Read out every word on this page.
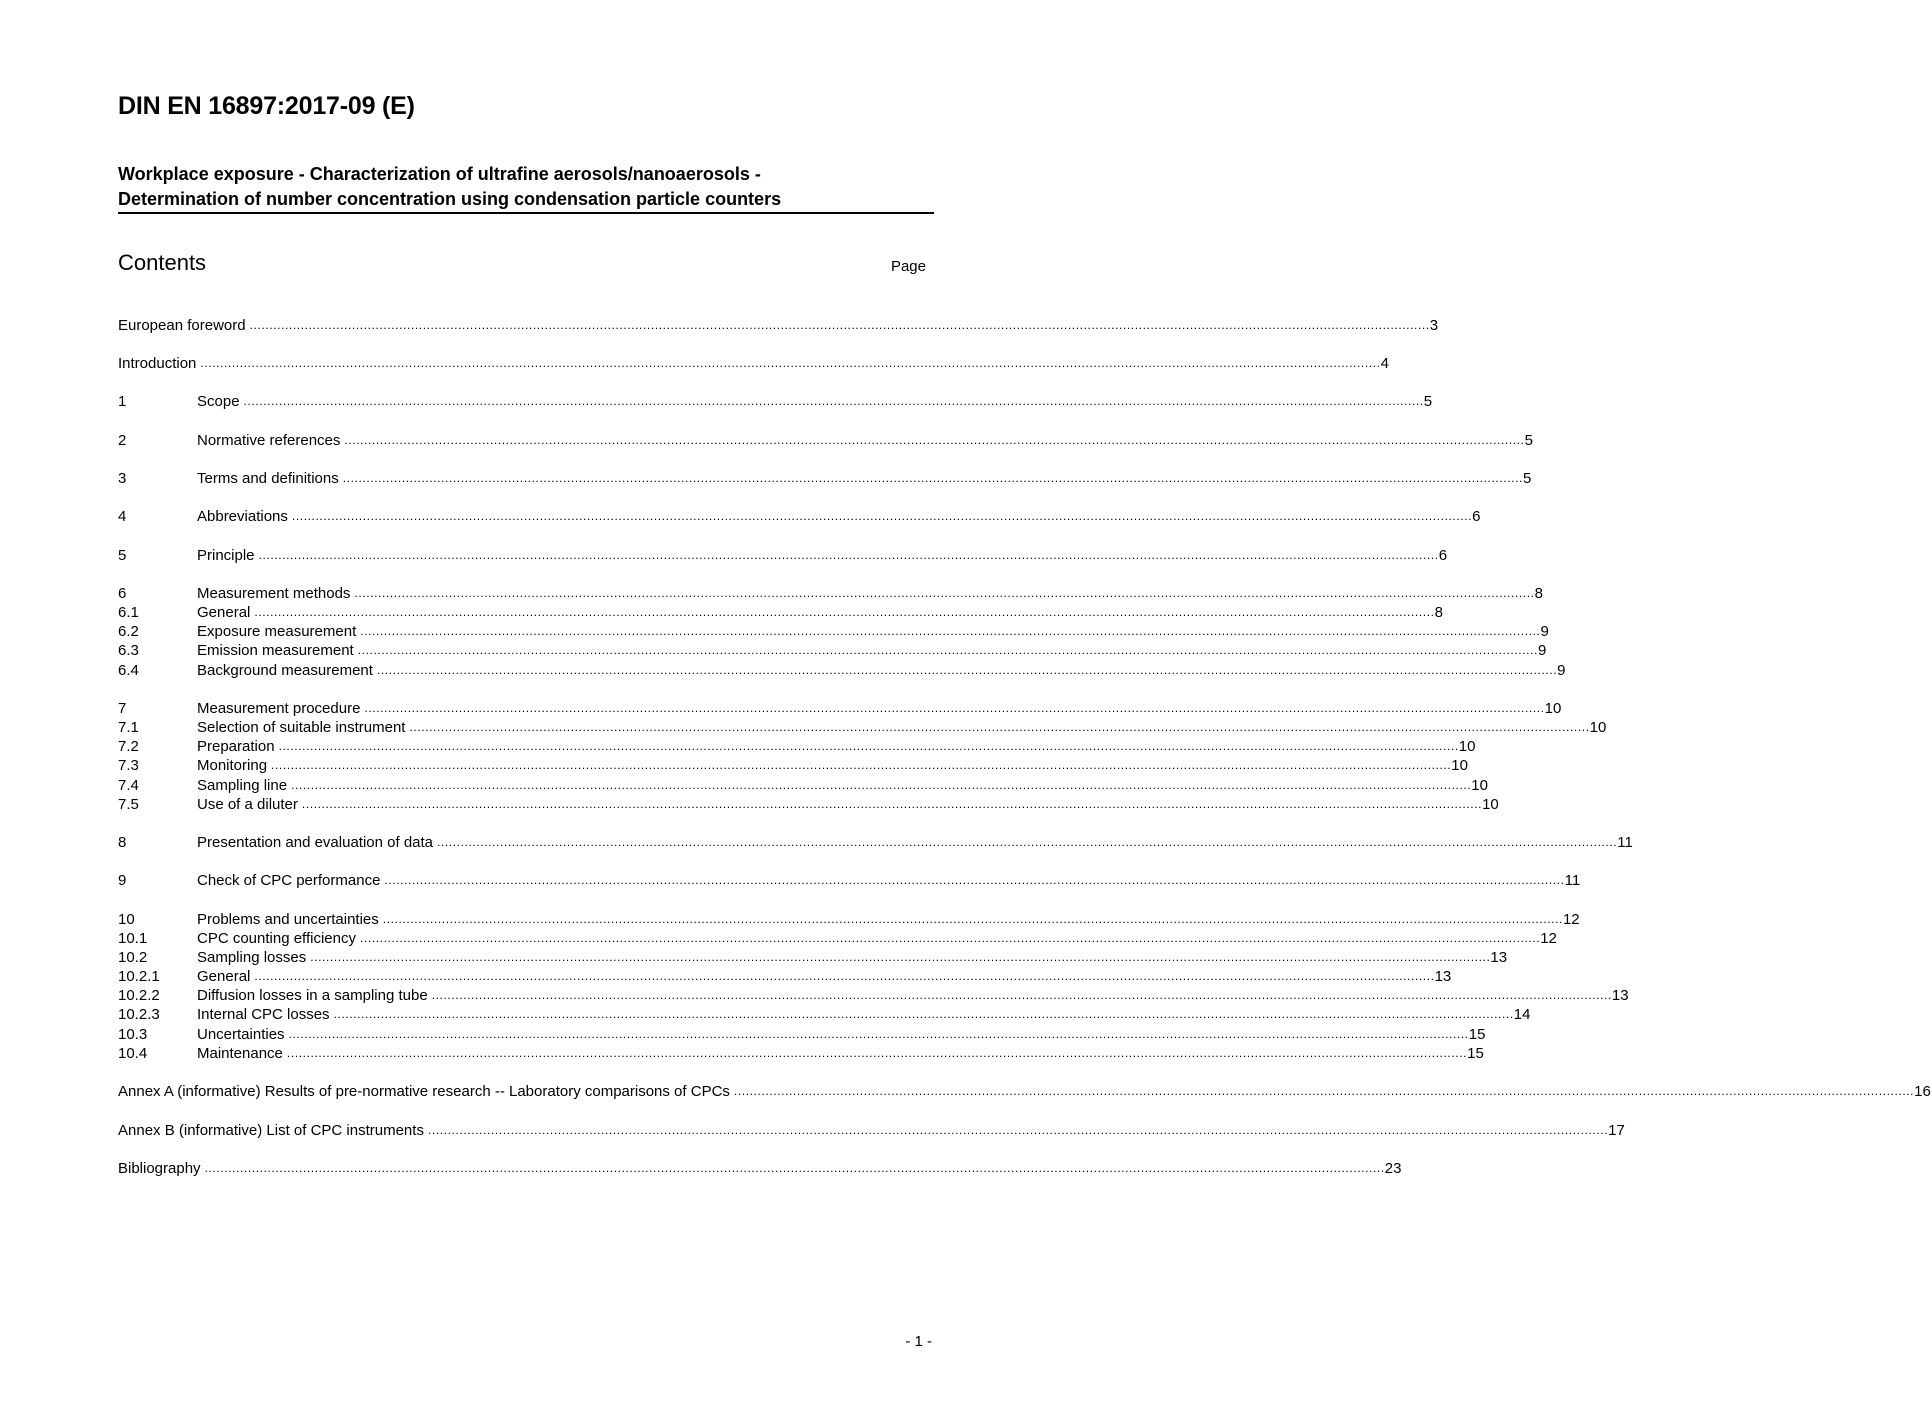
DIN EN 16897:2017-09 (E)
Workplace exposure - Characterization of ultrafine aerosols/nanoaerosols -
Determination of number concentration using condensation particle counters
Contents	Page
European foreword ............................................................................................................................................................................................................................................................................................................ 3
Introduction ............................................................................................................................................................................................................................................................................................................ 4
1	Scope ............................................................................................................................................................................................................................................................................................................ 5
2	Normative references ............................................................................................................................................................................................................................................................................................................ 5
3	Terms and definitions ............................................................................................................................................................................................................................................................................................................ 5
4	Abbreviations ............................................................................................................................................................................................................................................................................................................ 6
5	Principle ............................................................................................................................................................................................................................................................................................................ 6
6	Measurement methods ............................................................................................................................................................................................................................................................................................................ 8
6.1	General ............................................................................................................................................................................................................................................................................................................ 8
6.2	Exposure measurement ............................................................................................................................................................................................................................................................................................................ 9
6.3	Emission measurement ............................................................................................................................................................................................................................................................................................................ 9
6.4	Background measurement ............................................................................................................................................................................................................................................................................................................ 9
7	Measurement procedure ............................................................................................................................................................................................................................................................................................................ 10
7.1	Selection of suitable instrument ............................................................................................................................................................................................................................................................................................................ 10
7.2	Preparation ............................................................................................................................................................................................................................................................................................................ 10
7.3	Monitoring ............................................................................................................................................................................................................................................................................................................ 10
7.4	Sampling line ............................................................................................................................................................................................................................................................................................................ 10
7.5	Use of a diluter ............................................................................................................................................................................................................................................................................................................ 10
8	Presentation and evaluation of data ............................................................................................................................................................................................................................................................................................................ 11
9	Check of CPC performance ............................................................................................................................................................................................................................................................................................................ 11
10	Problems and uncertainties ............................................................................................................................................................................................................................................................................................................ 12
10.1	CPC counting efficiency ............................................................................................................................................................................................................................................................................................................ 12
10.2	Sampling losses ............................................................................................................................................................................................................................................................................................................ 13
10.2.1	General ............................................................................................................................................................................................................................................................................................................ 13
10.2.2	Diffusion losses in a sampling tube ............................................................................................................................................................................................................................................................................................................ 13
10.2.3	Internal CPC losses ............................................................................................................................................................................................................................................................................................................ 14
10.3	Uncertainties ............................................................................................................................................................................................................................................................................................................ 15
10.4	Maintenance ............................................................................................................................................................................................................................................................................................................ 15
Annex A (informative) Results of pre-normative research -- Laboratory comparisons of CPCs ............................................................................................................................................................................................................................................................................................................ 16
Annex B (informative) List of CPC instruments ............................................................................................................................................................................................................................................................................................................ 17
Bibliography ............................................................................................................................................................................................................................................................................................................ 23
- 1 -
